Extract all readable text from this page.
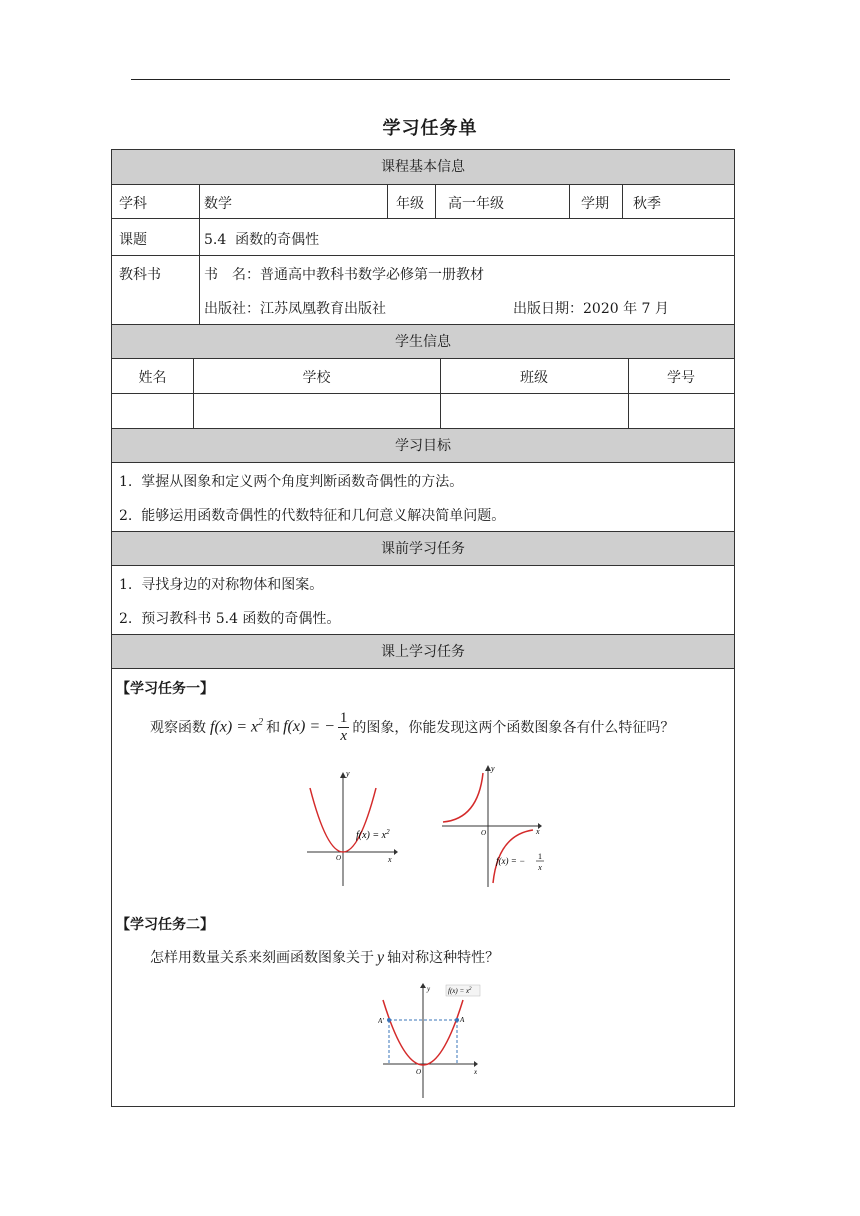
学习任务单
课程基本信息
学科	数学	年级 高一年级	学期 秋季
课题	5.4  函数的奇偶性
教科书	书　名：普通高中教科书数学必修第一册教材
出版社：江苏凤凰教育出版社	出版日期：2020 年 7 月
学生信息
姓名	学校	班级	学号
学习目标
1.  掌握从图象和定义两个角度判断函数奇偶性的方法。
2.  能够运用函数奇偶性的代数特征和几何意义解决简单问题。
课前学习任务
1.  寻找身边的对称物体和图案。
2.  预习教科书 5.4 函数的奇偶性。
课上学习任务
【学习任务一】
观察函数 $f(x) = x^2$ 和 f(x) = − $\frac{1}{x}$ 的图象，你能发现这两个函数图象各有什么特征吗？
y
x
O
$f(x) = x^2$
y
x
O
f(x) = − 1
x
【学习任务二】
怎样用数量关系来刻画函数图象关于 y 轴对称这种特性？
A′	A
$f(x) = x^2$
y
x
O
